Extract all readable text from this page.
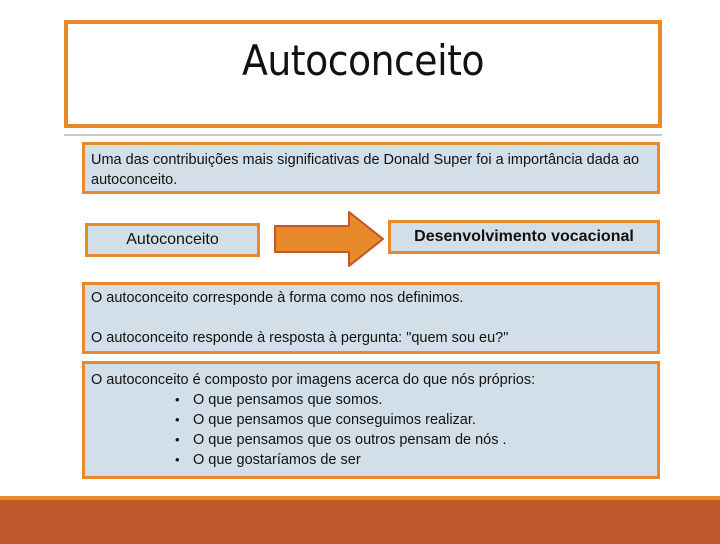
Autoconceito
Uma das contribuições mais significativas de Donald Super foi a importância dada ao autoconceito.
Autoconceito	Desenvolvimento vocacional
O autoconceito corresponde à forma como nos definimos.
O autoconceito responde à resposta à pergunta: "quem sou eu?"
O autoconceito é composto por imagens acerca do que nós próprios:
• O que pensamos que somos.
• O que pensamos que conseguimos realizar.
• O que pensamos que os outros pensam de nós .
• O que gostaríamos de ser
